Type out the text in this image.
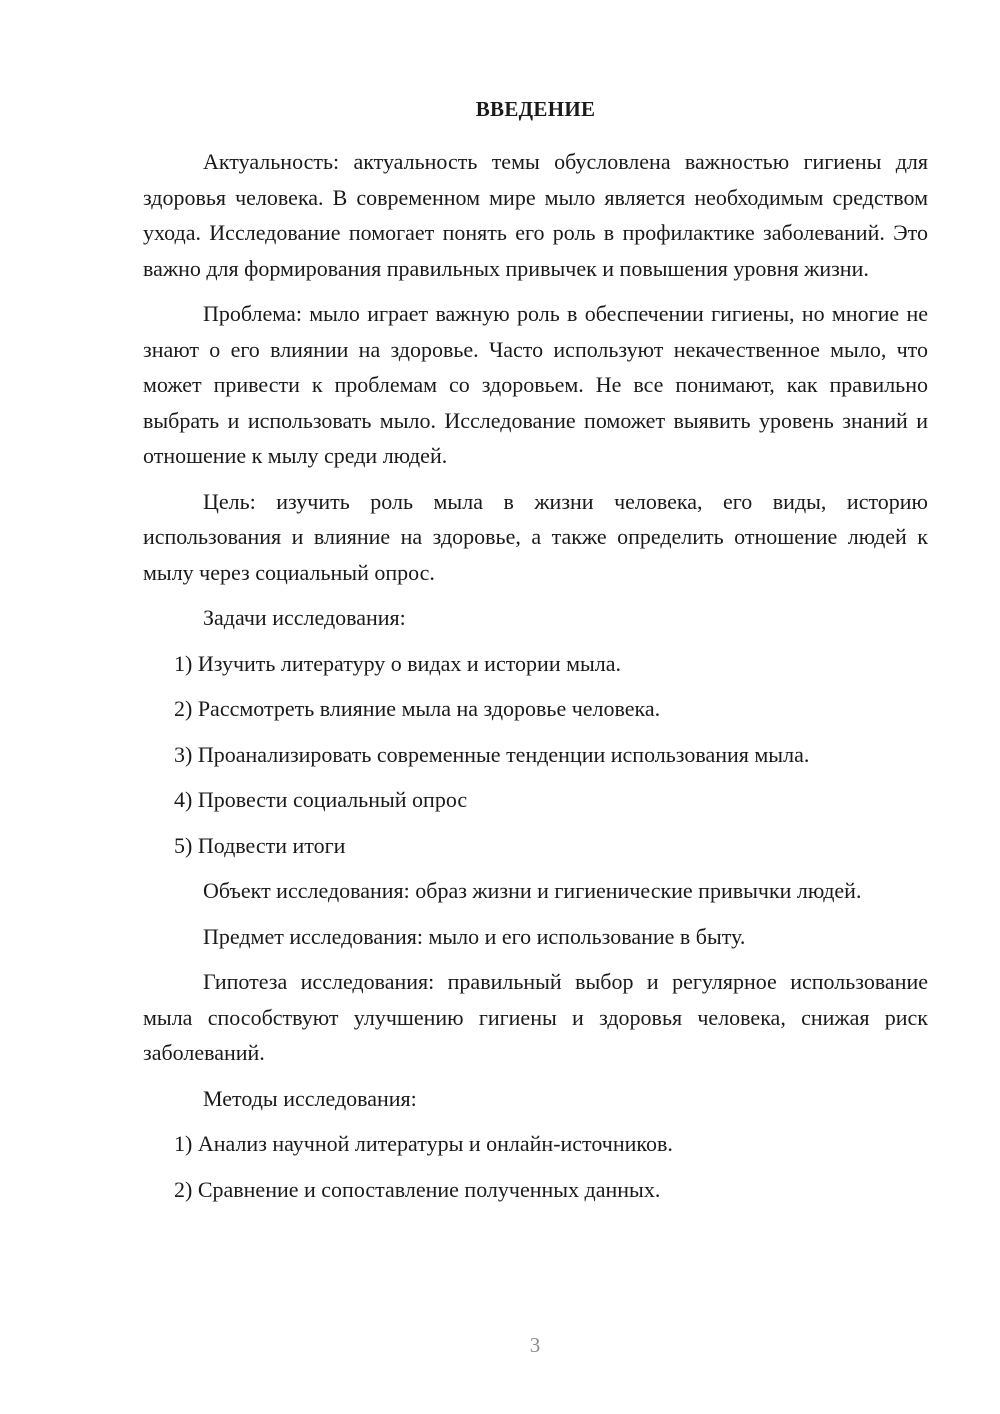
ВВЕДЕНИЕ

Актуальность: актуальность темы обусловлена важностью гигиены для здоровья человека. В современном мире мыло является необходимым средством ухода. Исследование помогает понять его роль в профилактике заболеваний. Это важно для формирования правильных привычек и повышения уровня жизни.

Проблема: мыло играет важную роль в обеспечении гигиены, но многие не знают о его влиянии на здоровье. Часто используют некачественное мыло, что может привести к проблемам со здоровьем. Не все понимают, как правильно выбрать и использовать мыло. Исследование поможет выявить уровень знаний и отношение к мылу среди людей.

Цель: изучить роль мыла в жизни человека, его виды, историю использования и влияние на здоровье, а также определить отношение людей к мылу через социальный опрос.

Задачи исследования:

1) Изучить литературу о видах и истории мыла.
2) Рассмотреть влияние мыла на здоровье человека.
3) Проанализировать современные тенденции использования мыла.
4) Провести социальный опрос
5) Подвести итоги

Объект исследования: образ жизни и гигиенические привычки людей.

Предмет исследования: мыло и его использование в быту.

Гипотеза исследования: правильный выбор и регулярное использование мыла способствуют улучшению гигиены и здоровья человека, снижая риск заболеваний.

Методы исследования:

1) Анализ научной литературы и онлайн-источников.
2) Сравнение и сопоставление полученных данных.
3
